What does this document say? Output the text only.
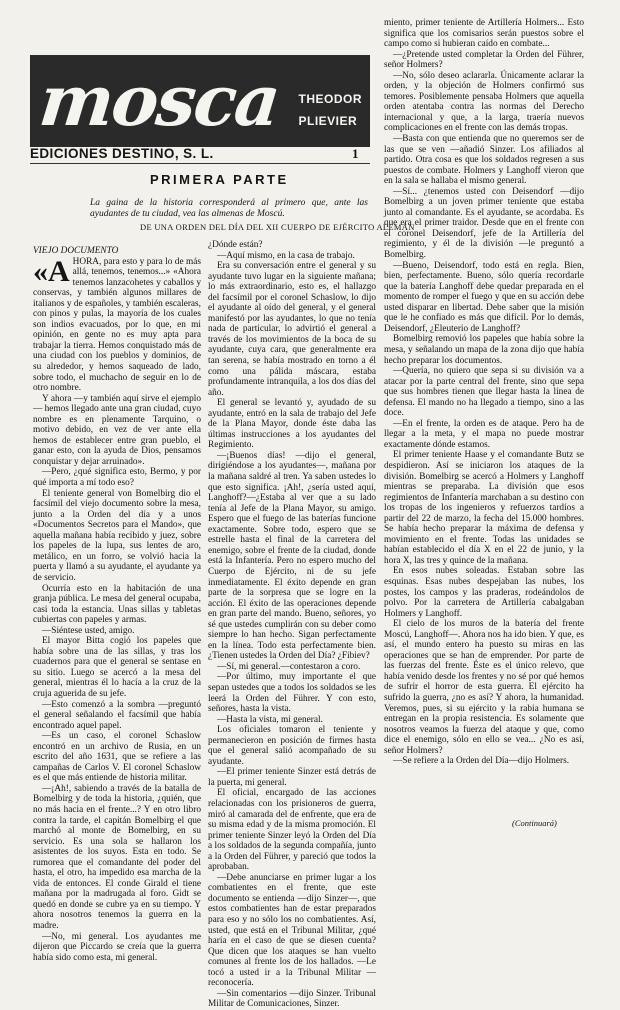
mosca THEODOR
PLIEVIER
EDICIONES DESTINO, S. L.	1
PRIMERA PARTE
La gaina de la historia corresponderá al primero que, ante las ayudantes de tu ciudad, vea las almenas de Moscú.
DE UNA ORDEN DEL DÍA DEL XII CUERPO DE EJÉRCITO ALEMÁN

VIEJO DOCUMENTO

«A HORA, para esto y para lo de más allá, tenemos, tenemos...» «Ahora tenemos lanzacohetes y caballos y conservas, y también algunos millares de italianos y de españoles, y también escaleras, con pinos y pulas, la mayoría de los cuales son indios evacuados, por lo que, en mi opinión, en gente no es muy apta para trabajar la tierra. Hemos conquistado más de una ciudad con los pueblos y dominios, de su alrededor, y hemos saqueado de lado, sobre todo, el muchacho de seguir en lo de otro nombre.

Y ahora —y también aquí sirve el ejemplo— hemos llegado ante una gran ciudad, cuyo nombre es en plenamente Tarquino, o motivo debido, en vez de ver ante ella hemos de establecer entre gran pueblo, el ganar esto, con la ayuda de Dios, pensamos conquistar y dejar arruinado».

—Pero, ¿qué significa esto, Bermo, y por qué importa a mí todo eso?

El teniente general von Bomelbirg dio el facsímil del viejo documento sobre la mesa, junto a la Orden del día y a unos «Documentos Secretos para el Mando», que aquella mañana había recibido y juez, sobre los papeles de la lupa, sus lentes de aro, metálico, en un forro, se volvió hacia la puerta y llamó a su ayudante, el ayudante ya de servicio.

Ocurría esto en la habitación de una granja pública. Le mesa del general ocupaba, casi toda la estancia. Unas sillas y tabletas cubiertas con papeles y armas.

—Siéntese usted, amigo.

El mayor Bitta cogió los papeles que había sobre una de las sillas, y tras los cuadernos para que el general se sentase en su sitio. Luego se acercó a la mesa del general, mientras él lo hacía a la cruz de la cruja aguerida de su jefe.

—Esto comenzó a la sombra —preguntó el general señalando el facsímil que había encontrado aquel papel.

—Es un caso, el coronel Schaslow encontró en un archivo de Rusia, en un escrito del año 1631, que se refiere a las campañas de Carlos V. El coronel Schaslow es el que más entiende de historia militar.

—¡Ah!, sabiendo a través de la batalla de Bomelbirg y de toda la historia, ¿quién, que no más hacia en el frente...? Y en otro libro contra la tarde, el capitán Bomelbirg el que marchó al monte de Bomelbirg, en su servicio. Es una sola se hallaron los asistentes de los suyos. Esta en todo. Se rumorea que el comandante del poder del hasta, el otro, ha impedido esa marcha de la vida de entonces. El conde Girald el tiene mañana por la madrugada al foro. Gidt se quedó en donde se cubre ya en su tiempo. Y ahora nosotros tenemos la guerra en la madre.

—No, mi general. Los ayudantes me dijeron que Piccardo se creía que la guerra había sido como esta, mi general.

¿Dónde están?

—Aquí mismo, en la casa de trabajo.

Era su conversación entre el general y su ayudante tuvo lugar en la siguiente mañana; lo más extraordinario, esto es, el hallazgo del facsímil por el coronel Schaslow, lo dijo el ayudante al oído del general, y el general manifestó por las ayudantes, lo que no tenía nada de particular, lo advirtió el general a través de los movimientos de la boca de su ayudante, cuya cara, que generalmente era tan serena, se había mostrado en torno a él como una pálida máscara, estaba profundamente intranquila, a los dos días del año.

El general se levantó y, ayudado de su ayudante, entró en la sala de trabajo del Jefe de la Plana Mayor, donde éste daba las últimas instrucciones a los ayudantes del Regimiento.

—¡Buenos días! —dijo el general, dirigiéndose a los ayudantes—, mañana por la mañana saldré al tren. Ya saben ustedes lo que esto significa. ¡Ah!, ¿sería usted aquí, Langhoff?—¿Estaba al ver que a su lado tenía al Jefe de la Plana Mayor, su amigo. Espero que el fuego de las baterías funcione exactamente. Sobre todo, espero que se estrelle hasta el final de la carretera del enemigo, sobre el frente de la ciudad, donde está la Infantería. Pero no espero mucho del Cuerpo de Ejército, ni de su jefe inmediatamente. El éxito depende en gran parte de la sorpresa que se logre en la acción. El éxito de las operaciones depende en gran parte del mando. Bueno, señores, yo sé que ustedes cumplirán con su deber como siempre lo han hecho. Sigan perfectamente en la línea. Todo esta perfectamente bien. ¿Tienen ustedes la Orden del Día? ¿Fibiev?

—Sí, mi general.—contestaron a coro.

—Por último, muy importante el que sepan ustedes que a todos los soldados se les leerá la Orden del Führer. Y con esto, señores, hasta la vista.

—Hasta la vista, mi general.

Los oficiales tomaron el teniente y permanecieron en posición de firmes hasta que el general salió acompañado de su ayudante.

—El primer teniente Sinzer está detrás de la puerta, mi general.

El oficial, encargado de las acciones relacionadas con los prisioneros de guerra, miró al camarada del de enfrente, que era de su misma edad y de la misma promoción. El primer teniente Sinzer leyó la Orden del Día a los soldados de la segunda compañía, junto a la Orden del Führer, y pareció que todos la aprobaban.

—Debe anunciarse en primer lugar a los combatientes en el frente, que este documento se entienda —dijo Sinzer—, que estos combatientes han de estar preparados para eso y no sólo los no combatientes. Así, usted, que está en el Tribunal Militar, ¿qué haría en el caso de que se diesen cuenta? Que dicen que los ataques se han vuelto comunes al frente los de los hallados. —Le tocó a usted ir a la Tribunal Militar —reconocería.

—Sin comentarios —dijo Sinzer. Tribunal Militar de Comunicaciones, Sinzer.

miento, primer teniente de Artillería Holmers... Esto significa que los comisarios serán puestos sobre el campo como si hubieran caído en combate...

—¿Pretende usted completar la Orden del Führer, señor Holmers?

—No, sólo deseo aclararla. Únicamente aclarar la orden, y la objeción de Holmers confirmó sus temores. Posiblemente pensaba Holmers que aquella orden atentaba contra las normas del Derecho internacional y que, a la larga, traería nuevos complicaciones en el frente con las demás tropas.

—Basta con que entienda que no queremos ser de las que se ven —añadió Sinzer. Los afiliados al partido. Otra cosa es que los soldados regresen a sus puestos de combate. Holmers y Langhoff vieron que en la sala se hallaba el mismo general.

—Sí... ¿tenemos usted con Deisendorf —dijo Bomelbirg a un joven primer teniente que estaba junto al comandante. Es el ayudante, se acordaba. Es que era el primer traidor. Desde que en el frente con el coronel Deisendorf, jefe de la Artillería del regimiento, y él de la división —le preguntó a Bomelbirg.

—Bueno, Deisendorf, todo está en regla. Bien, bien, perfectamente. Bueno, sólo quería recordarle que la batería Langhoff debe quedar preparada en el momento de romper el fuego y que en su acción debe usted disparar en libertad. Debe saber que la misión que le he confiado es más que difícil. Por lo demás, Deisendorf, ¿Eleuterio de Langhoff?

Bomelbirg removió los papeles que había sobre la mesa, y señalando un mapa de la zona dijo que había hecho preparar los documentos.

—Quería, no quiero que sepa si su división va a atacar por la parte central del frente, sino que sepa que sus hombres tienen que llegar hasta la línea de defensa. El mando no ha llegado a tiempo, sino a las doce.

—En el frente, la orden es de ataque. Pero ha de llegar a la meta, y el mapa no puede mostrar exactamente dónde estamos.

El primer teniente Haase y el comandante Butz se despidieron. Así se iniciaron los ataques de la división. Bomelbirg se acercó a Holmers y Langhoff mientras se preparaba. La división que esos regimientos de Infantería marchaban a su destino con los tropas de los ingenieros y refuerzos tardíos a partir del 22 de marzo, la fecha del 15.000 hombres. Se había hecho preparar la máxima de defensa y movimiento en el frente. Todas las unidades se habían establecido el día X en el 22 de junio, y la hora X, las tres y quince de la mañana.

En esos nubes soleadas. Estaban sobre las esquinas. Esas nubes despejaban las nubes, los postes, los campos y las praderas, rodeándolos de polvo. Por la carretera de Artillería cabalgaban Holmers y Langhoff.

El cielo de los muros de la batería del frente Moscú, Langhoff—. Ahora nos ha ido bien. Y que, es así, el mundo entero ha puesto su miras en las operaciones que se han de emprender. Por parte de las fuerzas del frente. Éste es el único relevo, que había venido desde los frentes y no sé por qué hemos de sufrir el horror de esta guerra. El ejército ha sufrido la guerra, ¿no es así? Y ahora, la humanidad. Veremos, pues, si su ejército y la rabia humana se entregan en la propia resistencia. Es solamente que nosotros veamos la fuerza del ataque y que, como dice el enemigo, sólo en ello se vea... ¿No es así, señor Holmers?

—Se refiere a la Orden del Día—dijo Holmers.

(Continuará)
